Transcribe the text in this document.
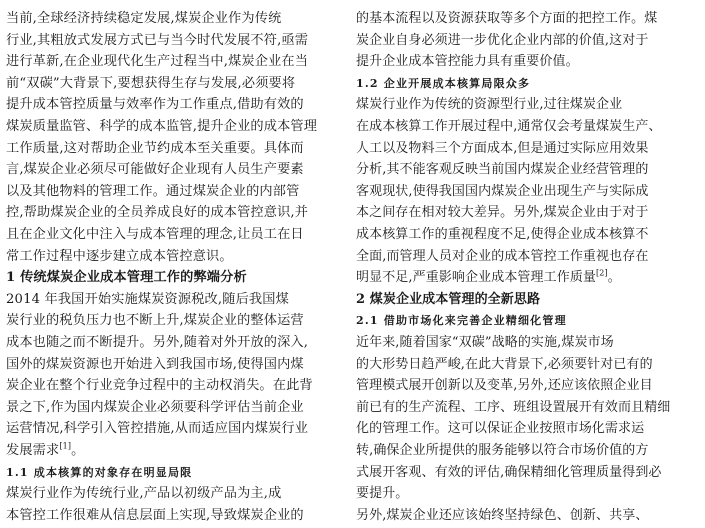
当前,全球经济持续稳定发展,煤炭企业作为传统
行业,其粗放式发展方式已与当今时代发展不符,亟需
进行革新,在企业现代化生产过程当中,煤炭企业在当
前“双碳”大背景下,要想获得生存与发展,必须要将
提升成本管控质量与效率作为工作重点,借助有效的
煤炭质量监管、科学的成本监管,提升企业的成本管理
工作质量,这对帮助企业节约成本至关重要。具体而
言,煤炭企业必须尽可能做好企业现有人员生产要素
以及其他物料的管理工作。通过煤炭企业的内部管
控,帮助煤炭企业的全员养成良好的成本管控意识,并
且在企业文化中注入与成本管理的理念,让员工在日
常工作过程中逐步建立成本管控意识。
1 传统煤炭企业成本管理工作的弊端分析
2014 年我国开始实施煤炭资源税改,随后我国煤
炭行业的税负压力也不断上升,煤炭企业的整体运营
成本也随之而不断提升。另外,随着对外开放的深入,
国外的煤炭资源也开始进入到我国市场,使得国内煤
炭企业在整个行业竞争过程中的主动权消失。在此背
景之下,作为国内煤炭企业必须要科学评估当前企业
运营情况,科学引入管控措施,从而适应国内煤炭行业
发展需求[1]。
1.1 成本核算的对象存在明显局限
煤炭行业作为传统行业,产品以初级产品为主,成
本管控工作很难从信息层面上实现,导致煤炭企业的
的基本流程以及资源获取等多个方面的把控工作。煤
炭企业自身必须进一步优化企业内部的价值,这对于
提升企业成本管控能力具有重要价值。
1.2 企业开展成本核算局限众多
煤炭行业作为传统的资源型行业,过往煤炭企业
在成本核算工作开展过程中,通常仅会考量煤炭生产、
人工以及物料三个方面成本,但是通过实际应用效果
分析,其不能客观反映当前国内煤炭企业经营管理的
客观现状,使得我国国内煤炭企业出现生产与实际成
本之间存在相对较大差异。另外,煤炭企业由于对于
成本核算工作的重视程度不足,使得企业成本核算不
全面,而管理人员对企业的成本管控工作重视也存在
明显不足,严重影响企业成本管理工作质量[2]。
2 煤炭企业成本管理的全新思路
2.1 借助市场化来完善企业精细化管理
近年来,随着国家“双碳”战略的实施,煤炭市场
的大形势日趋严峻,在此大背景下,必须要针对已有的
管理模式展开创新以及变革,另外,还应该依照企业目
前已有的生产流程、工序、班组设置展开有效而且精细
化的管理工作。这可以保证企业按照市场化需求运
转,确保企业所提供的服务能够以符合市场价值的方
式展开客观、有效的评估,确保精细化管理质量得到必
要提升。
另外,煤炭企业还应该始终坚持绿色、创新、共享、
